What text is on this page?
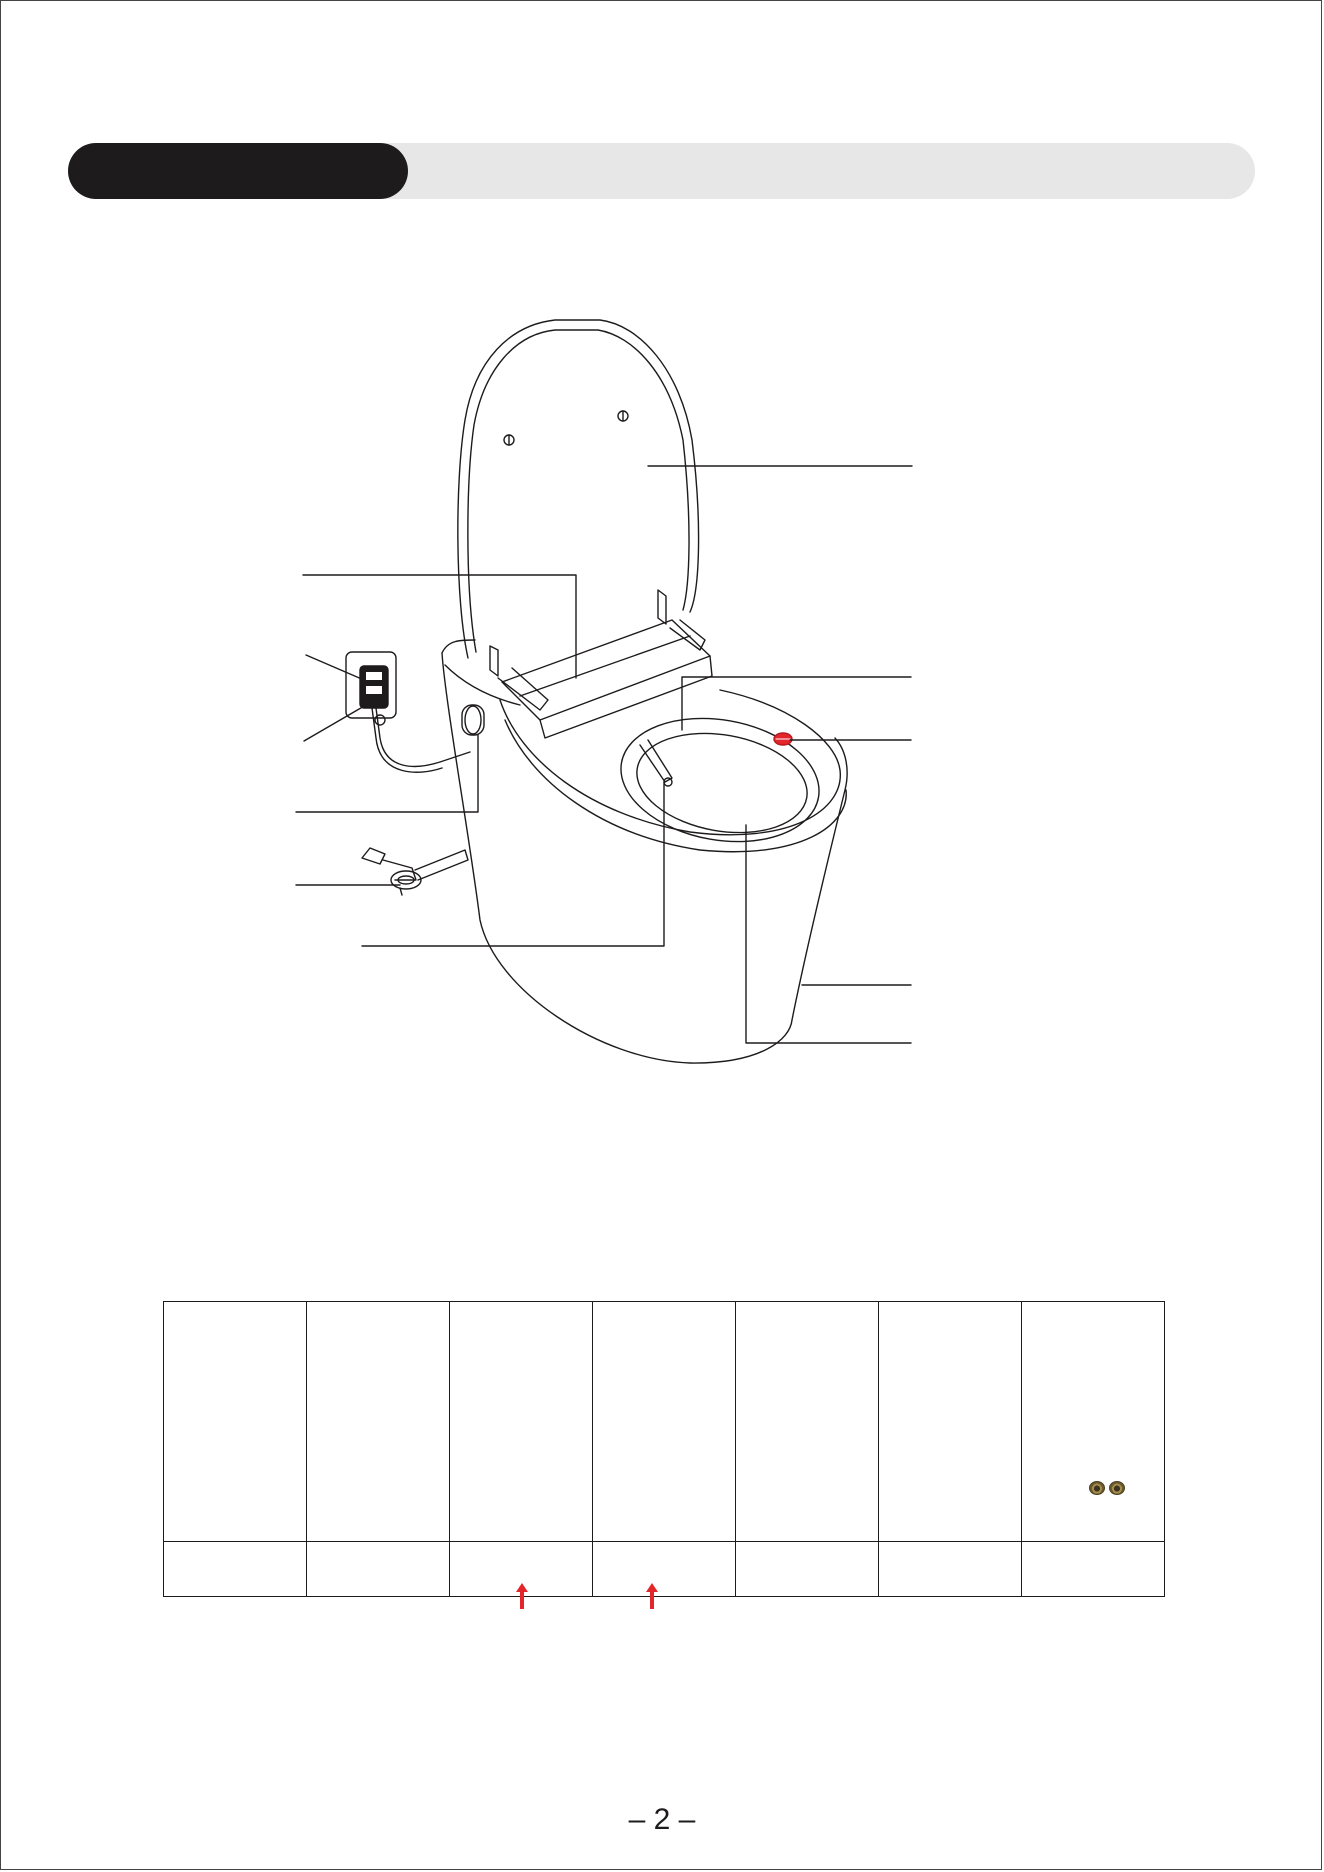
– 2 –
